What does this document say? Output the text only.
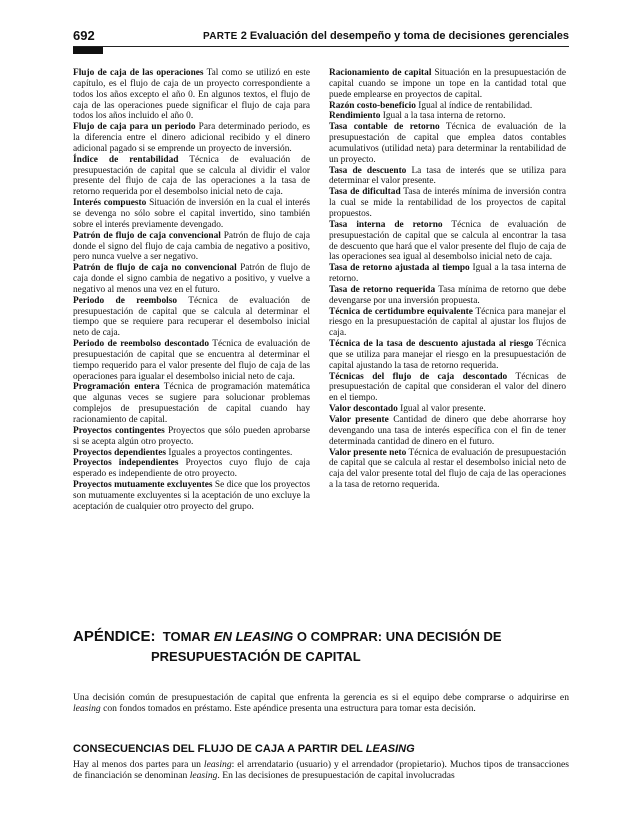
692	PARTE 2 Evaluación del desempeño y toma de decisiones gerenciales

Flujo de caja de las operaciones Tal como se utilizó en este capítulo, es el flujo de caja de un proyecto correspondiente a todos los años excepto el año 0. En algunos textos, el flujo de caja de las operaciones puede significar el flujo de caja para todos los años incluido el año 0.

Flujo de caja para un periodo Para determinado periodo, es la diferencia entre el dinero adicional recibido y el dinero adicional pagado si se emprende un proyecto de inversión.

Índice de rentabilidad Técnica de evaluación de presupuestación de capital que se calcula al dividir el valor presente del flujo de caja de las operaciones a la tasa de retorno requerida por el desembolso inicial neto de caja.

Interés compuesto Situación de inversión en la cual el interés se devenga no sólo sobre el capital invertido, sino también sobre el interés previamente devengado.

Patrón de flujo de caja convencional Patrón de flujo de caja donde el signo del flujo de caja cambia de negativo a positivo, pero nunca vuelve a ser negativo.

Patrón de flujo de caja no convencional Patrón de flujo de caja donde el signo cambia de negativo a positivo, y vuelve a negativo al menos una vez en el futuro.

Periodo de reembolso Técnica de evaluación de presupuestación de capital que se calcula al determinar el tiempo que se requiere para recuperar el desembolso inicial neto de caja.

Periodo de reembolso descontado Técnica de evaluación de presupuestación de capital que se encuentra al determinar el tiempo requerido para el valor presente del flujo de caja de las operaciones para igualar el desembolso inicial neto de caja.

Programación entera Técnica de programación matemática que algunas veces se sugiere para solucionar problemas complejos de presupuestación de capital cuando hay racionamiento de capital.

Proyectos contingentes Proyectos que sólo pueden aprobarse si se acepta algún otro proyecto.

Proyectos dependientes Iguales a proyectos contingentes.

Proyectos independientes Proyectos cuyo flujo de caja esperado es independiente de otro proyecto.

Proyectos mutuamente excluyentes Se dice que los proyectos son mutuamente excluyentes si la aceptación de uno excluye la aceptación de cualquier otro proyecto del grupo.

Racionamiento de capital Situación en la presupuestación de capital cuando se impone un tope en la cantidad total que puede emplearse en proyectos de capital.

Razón costo-beneficio Igual al índice de rentabilidad.

Rendimiento Igual a la tasa interna de retorno.

Tasa contable de retorno Técnica de evaluación de la presupuestación de capital que emplea datos contables acumulativos (utilidad neta) para determinar la rentabilidad de un proyecto.

Tasa de descuento La tasa de interés que se utiliza para determinar el valor presente.

Tasa de dificultad Tasa de interés mínima de inversión contra la cual se mide la rentabilidad de los proyectos de capital propuestos.

Tasa interna de retorno Técnica de evaluación de presupuestación de capital que se calcula al encontrar la tasa de descuento que hará que el valor presente del flujo de caja de las operaciones sea igual al desembolso inicial neto de caja.

Tasa de retorno ajustada al tiempo Igual a la tasa interna de retorno.

Tasa de retorno requerida Tasa mínima de retorno que debe devengarse por una inversión propuesta.

Técnica de certidumbre equivalente Técnica para manejar el riesgo en la presupuestación de capital al ajustar los flujos de caja.

Técnica de la tasa de descuento ajustada al riesgo Técnica que se utiliza para manejar el riesgo en la presupuestación de capital ajustando la tasa de retorno requerida.

Técnicas del flujo de caja descontado Técnicas de presupuestación de capital que consideran el valor del dinero en el tiempo.

Valor descontado Igual al valor presente.

Valor presente Cantidad de dinero que debe ahorrarse hoy devengando una tasa de interés específica con el fin de tener determinada cantidad de dinero en el futuro.

Valor presente neto Técnica de evaluación de presupuestación de capital que se calcula al restar el desembolso inicial neto de caja del valor presente total del flujo de caja de las operaciones a la tasa de retorno requerida.

APÉNDICE: TOMAR EN LEASING O COMPRAR: UNA DECISIÓN DE
PRESUPUESTACIÓN DE CAPITAL

Una decisión común de presupuestación de capital que enfrenta la gerencia es si el equipo debe comprarse o adquirirse en leasing con fondos tomados en préstamo. Este apéndice presenta una estructura para tomar esta decisión.

CONSECUENCIAS DEL FLUJO DE CAJA A PARTIR DEL LEASING

Hay al menos dos partes para un leasing: el arrendatario (usuario) y el arrendador (propietario). Muchos tipos de transacciones de financiación se denominan leasing. En las decisiones de presupuestación de capital involucradas
